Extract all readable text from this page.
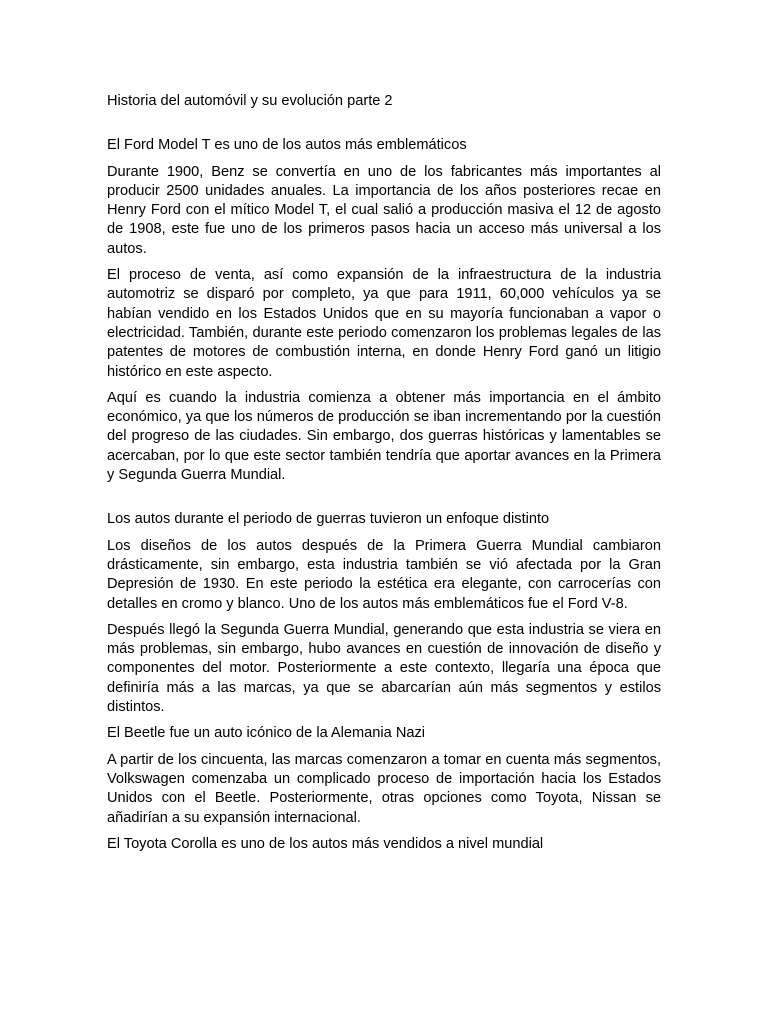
Historia del automóvil y su evolución parte 2

El Ford Model T es uno de los autos más emblemáticos

Durante 1900, Benz se convertía en uno de los fabricantes más importantes al producir 2500 unidades anuales. La importancia de los años posteriores recae en Henry Ford con el mítico Model T, el cual salió a producción masiva el 12 de agosto de 1908, este fue uno de los primeros pasos hacia un acceso más universal a los autos.

El proceso de venta, así como expansión de la infraestructura de la industria automotriz se disparó por completo, ya que para 1911, 60,000 vehículos ya se habían vendido en los Estados Unidos que en su mayoría funcionaban a vapor o electricidad. También, durante este periodo comenzaron los problemas legales de las patentes de motores de combustión interna, en donde Henry Ford ganó un litigio histórico en este aspecto.

Aquí es cuando la industria comienza a obtener más importancia en el ámbito económico, ya que los números de producción se iban incrementando por la cuestión del progreso de las ciudades. Sin embargo, dos guerras históricas y lamentables se acercaban, por lo que este sector también tendría que aportar avances en la Primera y Segunda Guerra Mundial.

Los autos durante el periodo de guerras tuvieron un enfoque distinto

Los diseños de los autos después de la Primera Guerra Mundial cambiaron drásticamente, sin embargo, esta industria también se vió afectada por la Gran Depresión de 1930. En este periodo la estética era elegante, con carrocerías con detalles en cromo y blanco. Uno de los autos más emblemáticos fue el Ford V-8.

Después llegó la Segunda Guerra Mundial, generando que esta industria se viera en más problemas, sin embargo, hubo avances en cuestión de innovación de diseño y componentes del motor. Posteriormente a este contexto, llegaría una época que definiría más a las marcas, ya que se abarcarían aún más segmentos y estilos distintos.

El Beetle fue un auto icónico de la Alemania Nazi

A partir de los cincuenta, las marcas comenzaron a tomar en cuenta más segmentos, Volkswagen comenzaba un complicado proceso de importación hacia los Estados Unidos con el Beetle. Posteriormente, otras opciones como Toyota, Nissan se añadirían a su expansión internacional.

El Toyota Corolla es uno de los autos más vendidos a nivel mundial
